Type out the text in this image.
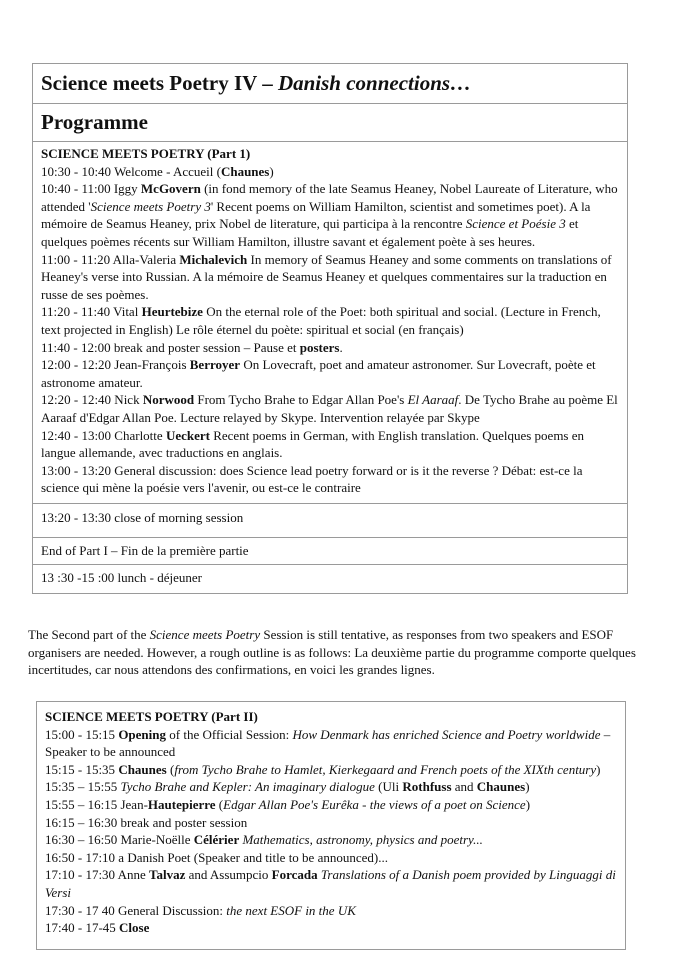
Science meets Poetry IV –
Danish connections…
Programme

SCIENCE MEETS POETRY (Part 1)

10:30 - 10:40 Welcome - Accueil (Chaunes)

10:40 - 11:00 Iggy McGovern (in fond memory of the late Seamus Heaney, Nobel Laureate of Literature, who attended 'Science meets Poetry 3' Recent poems on William Hamilton, scientist and sometimes poet). A la mémoire de Seamus Heaney, prix Nobel de literature, qui participa à la rencontre Science et Poésie 3 et quelques poèmes récents sur William Hamilton, illustre savant et également poète à ses heures.

11:00 - 11:20 Alla-Valeria Michalevich In memory of Seamus Heaney and some comments on translations of Heaney's verse into Russian. A la mémoire de Seamus Heaney et quelques commentaires sur la traduction en russe de ses poèmes.

11:20 - 11:40 Vital Heurtebize On the eternal role of the Poet: both spiritual and social. (Lecture in French, text projected in English) Le rôle éternel du poète: spiritual et social (en français)

11:40 - 12:00 break and poster session – Pause et posters.

12:00 - 12:20 Jean-François Berroyer On Lovecraft, poet and amateur astronomer. Sur Lovecraft, poète et astronome amateur.

12:20 - 12:40 Nick Norwood From Tycho Brahe to Edgar Allan Poe's El Aaraaf. De Tycho Brahe au poème El Aaraaf d'Edgar Allan Poe. Lecture relayed by Skype. Intervention relayée par Skype

12:40 - 13:00 Charlotte Ueckert Recent poems in German, with English translation. Quelques poems en langue allemande, avec traductions en anglais.

13:00 - 13:20 General discussion: does Science lead poetry forward or is it the reverse ? Débat: est-ce la science qui mène la poésie vers l'avenir, ou est-ce le contraire

13:20 - 13:30 close of morning session
End of Part I – Fin de la première partie
13 :30 -15 :00 lunch - déjeuner

The Second part of the Science meets Poetry Session is still tentative, as responses from two speakers and ESOF organisers are needed. However, a rough outline is as follows: La deuxième partie du programme comporte quelques incertitudes, car nous attendons des confirmations, en voici les grandes lignes.

SCIENCE MEETS POETRY (Part II)

15:00 - 15:15 Opening of the Official Session: How Denmark has enriched Science and Poetry worldwide – Speaker to be announced

15:15 - 15:35 Chaunes (from Tycho Brahe to Hamlet, Kierkegaard and French poets of the XIXth century)

15:35 – 15:55 Tycho Brahe and Kepler: An imaginary dialogue (Uli Rothfuss and Chaunes)

15:55 – 16:15 Jean-Hautepierre (Edgar Allan Poe's Eurêka - the views of a poet on Science)

16:15 – 16:30 break and poster session

16:30 – 16:50 Marie-Noëlle Célérier Mathematics, astronomy, physics and poetry...

16:50 - 17:10 a Danish Poet (Speaker and title to be announced)...

17:10 - 17:30 Anne Talvaz and Assumpcio Forcada Translations of a Danish poem provided by Linguaggi di Versi

17:30 - 17 40 General Discussion: the next ESOF in the UK

17:40 - 17-45 Close
